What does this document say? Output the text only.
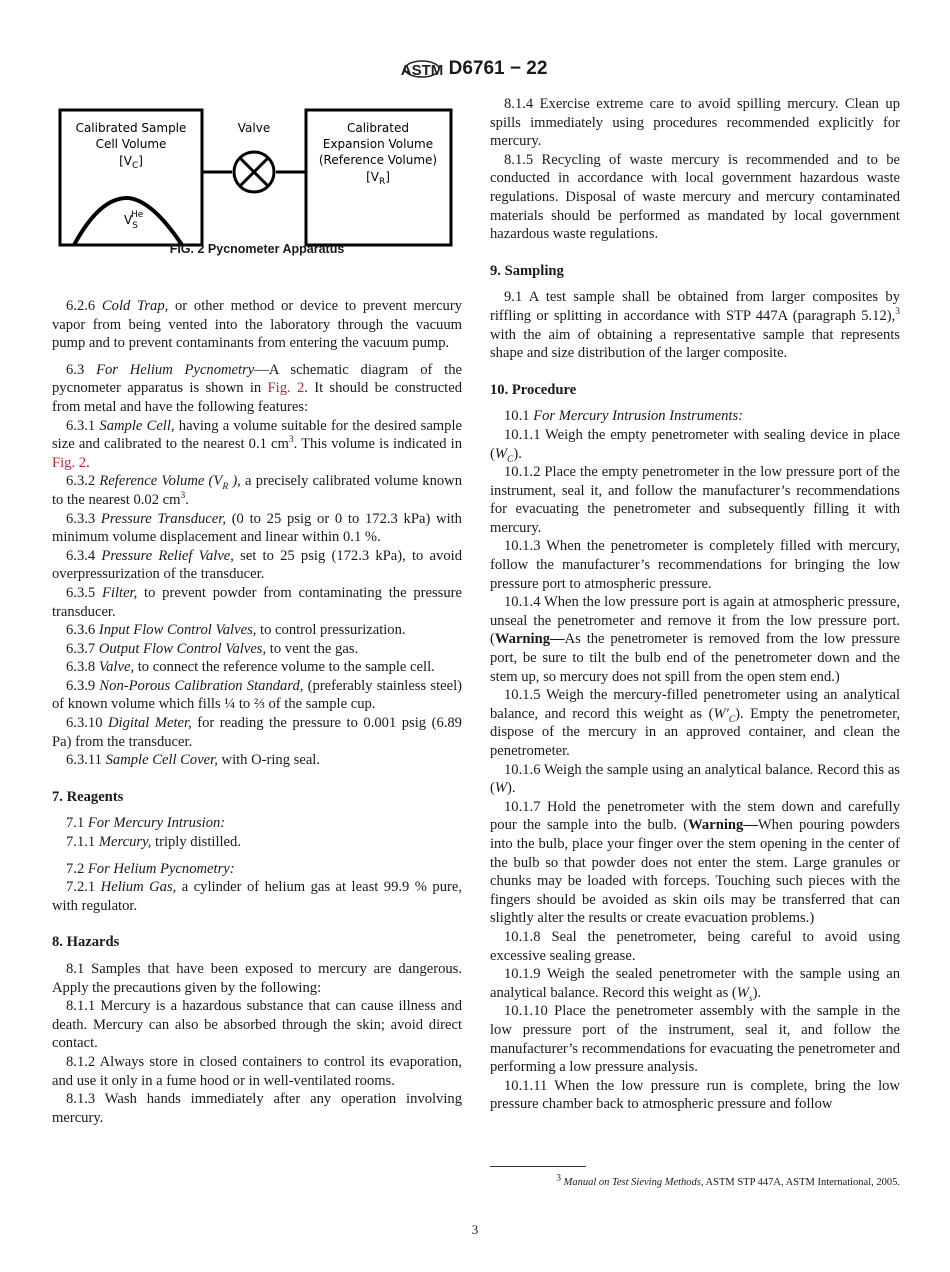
ASTM D6761 − 22
Calibrated Sample
Cell Volume
$[V_C]$
$V_SHe$
Valve	Calibrated
Expansion Volume
(Reference Volume)
$[V_R]$
FIG. 2 Pycnometer Apparatus

6.2.6 Cold Trap, or other method or device to prevent mercury vapor from being vented into the laboratory through the vacuum pump and to prevent contaminants from entering the vacuum pump.

6.3 For Helium Pycnometry—A schematic diagram of the pycnometer apparatus is shown in Fig. 2. It should be constructed from metal and have the following features:

6.3.1 Sample Cell, having a volume suitable for the desired sample size and calibrated to the nearest 0.1 $cm^3$. This volume is indicated in Fig. 2.

6.3.2 Reference Volume ($V_R$ ), a precisely calibrated volume known to the nearest 0.02 $cm^3$.

6.3.3 Pressure Transducer, (0 to 25 psig or 0 to 172.3 kPa) with minimum volume displacement and linear within 0.1 %.

6.3.4 Pressure Relief Valve, set to 25 psig (172.3 kPa), to avoid overpressurization of the transducer.

6.3.5 Filter, to prevent powder from contaminating the pressure transducer.

6.3.6 Input Flow Control Valves, to control pressurization.

6.3.7 Output Flow Control Valves, to vent the gas.

6.3.8 Valve, to connect the reference volume to the sample cell.

6.3.9 Non-Porous Calibration Standard, (preferably stainless steel) of known volume which fills ¼ to ⅔ of the sample cup.

6.3.10 Digital Meter, for reading the pressure to 0.001 psig (6.89 Pa) from the transducer.

6.3.11 Sample Cell Cover, with O-ring seal.

7. Reagents

7.1 For Mercury Intrusion:

7.1.1 Mercury, triply distilled.

7.2 For Helium Pycnometry:

7.2.1 Helium Gas, a cylinder of helium gas at least 99.9 % pure, with regulator.

8. Hazards

8.1 Samples that have been exposed to mercury are dangerous. Apply the precautions given by the following:

8.1.1 Mercury is a hazardous substance that can cause illness and death. Mercury can also be absorbed through the skin; avoid direct contact.

8.1.2 Always store in closed containers to control its evaporation, and use it only in a fume hood or in well-ventilated rooms.

8.1.3 Wash hands immediately after any operation involving mercury.

8.1.4 Exercise extreme care to avoid spilling mercury. Clean up spills immediately using procedures recommended explicitly for mercury.

8.1.5 Recycling of waste mercury is recommended and to be conducted in accordance with local government hazardous waste regulations. Disposal of waste mercury and mercury contaminated materials should be performed as mandated by local government hazardous waste regulations.

9. Sampling

9.1 A test sample shall be obtained from larger composites by riffling or splitting in accordance with STP 447A (paragraph 5.12),$^3$ with the aim of obtaining a representative sample that represents shape and size distribution of the larger composite.

10. Procedure

10.1 For Mercury Intrusion Instruments:

10.1.1 Weigh the empty penetrometer with sealing device in place $(W_C)$.

10.1.2 Place the empty penetrometer in the low pressure port of the instrument, seal it, and follow the manufacturer’s recommendations for evacuating the penetrometer and subsequently filling it with mercury.

10.1.3 When the penetrometer is completely filled with mercury, follow the manufacturer’s recommendations for bringing the low pressure port to atmospheric pressure.

10.1.4 When the low pressure port is again at atmospheric pressure, unseal the penetrometer and remove it from the low pressure port. (Warning—As the penetrometer is removed from the low pressure port, be sure to tilt the bulb end of the penetrometer down and the stem up, so mercury does not spill from the open stem end.)

10.1.5 Weigh the mercury-filled penetrometer using an analytical balance, and record this weight as $(W'_C)$. Empty the penetrometer, dispose of the mercury in an approved container, and clean the penetrometer.

10.1.6 Weigh the sample using an analytical balance. Record this as (W).

10.1.7 Hold the penetrometer with the stem down and carefully pour the sample into the bulb. (Warning—When pouring powders into the bulb, place your finger over the stem opening in the center of the bulb so that powder does not enter the stem. Large granules or chunks may be loaded with forceps. Touching such pieces with the fingers should be avoided as skin oils may be transferred that can slightly alter the results or create evacuation problems.)

10.1.8 Seal the penetrometer, being careful to avoid using excessive sealing grease.

10.1.9 Weigh the sealed penetrometer with the sample using an analytical balance. Record this weight as $(W_s)$.

10.1.10 Place the penetrometer assembly with the sample in the low pressure port of the instrument, seal it, and follow the manufacturer’s recommendations for evacuating the penetrometer and performing a low pressure analysis.

10.1.11 When the low pressure run is complete, bring the low pressure chamber back to atmospheric pressure and follow

$^3$ Manual on Test Sieving Methods, ASTM STP 447A, ASTM International, 2005.
3
